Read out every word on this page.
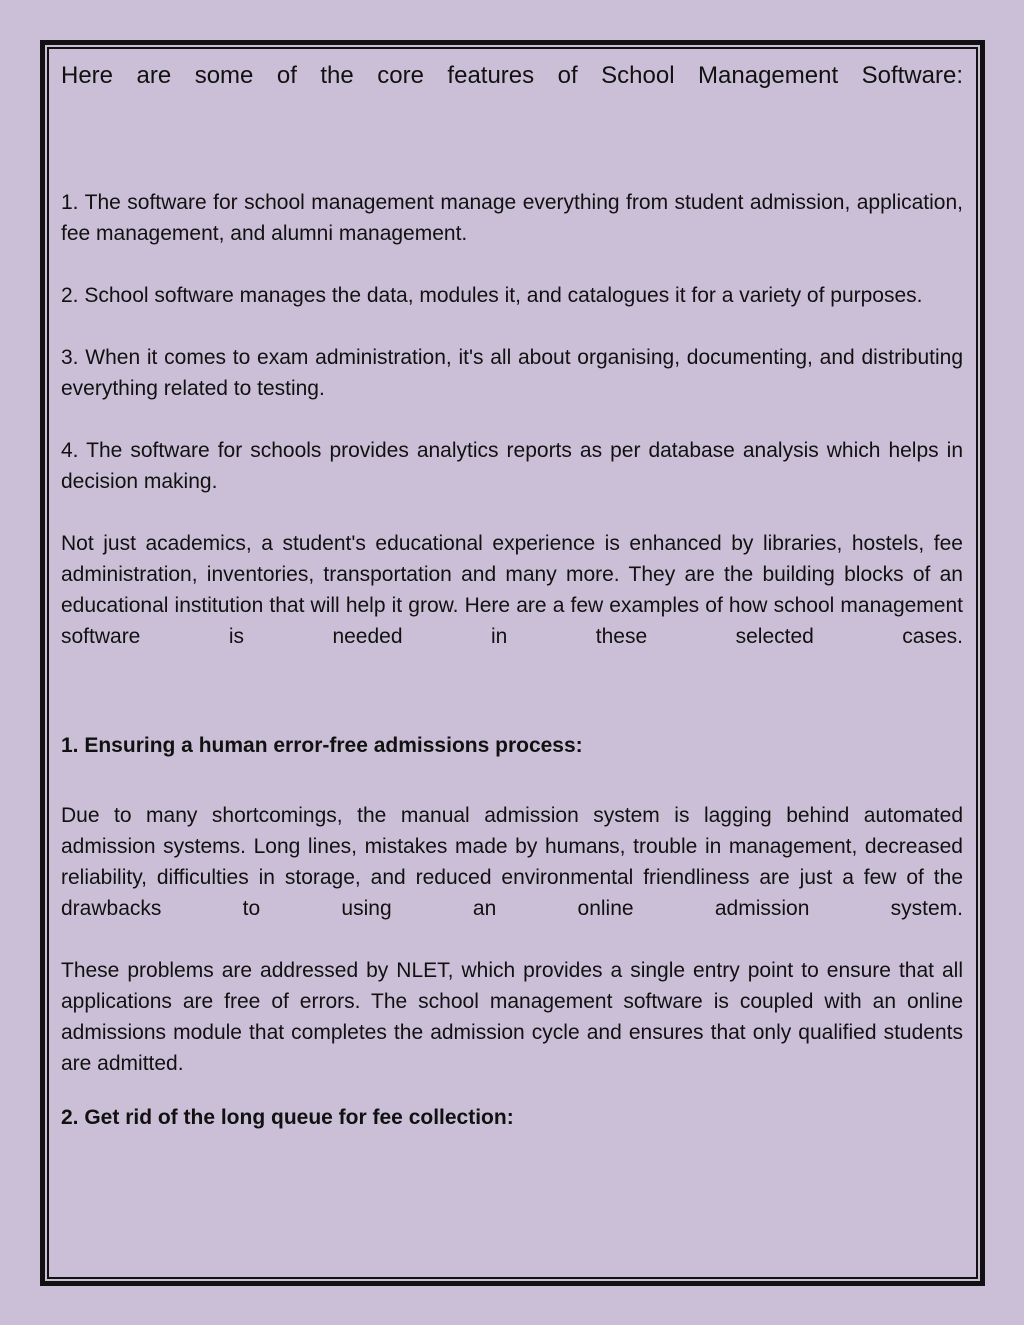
Here are some of the core features of School Management Software:

1. The software for school management manage everything from student admission, application, fee management, and alumni management.

2. School software manages the data, modules it, and catalogues it for a variety of purposes.

3. When it comes to exam administration, it's all about organising, documenting, and distributing everything related to testing.

4. The software for schools provides analytics reports as per database analysis which helps in decision making.

Not just academics, a student's educational experience is enhanced by libraries, hostels, fee administration, inventories, transportation and many more. They are the building blocks of an educational institution that will help it grow. Here are a few examples of how school management software is needed in these selected cases.

1. Ensuring a human error-free admissions process:

Due to many shortcomings, the manual admission system is lagging behind automated admission systems. Long lines, mistakes made by humans, trouble in management, decreased reliability, difficulties in storage, and reduced environmental friendliness are just a few of the drawbacks to using an online admission system.

These problems are addressed by NLET, which provides a single entry point to ensure that all applications are free of errors. The school management software is coupled with an online admissions module that completes the admission cycle and ensures that only qualified students are admitted.

2. Get rid of the long queue for fee collection:
